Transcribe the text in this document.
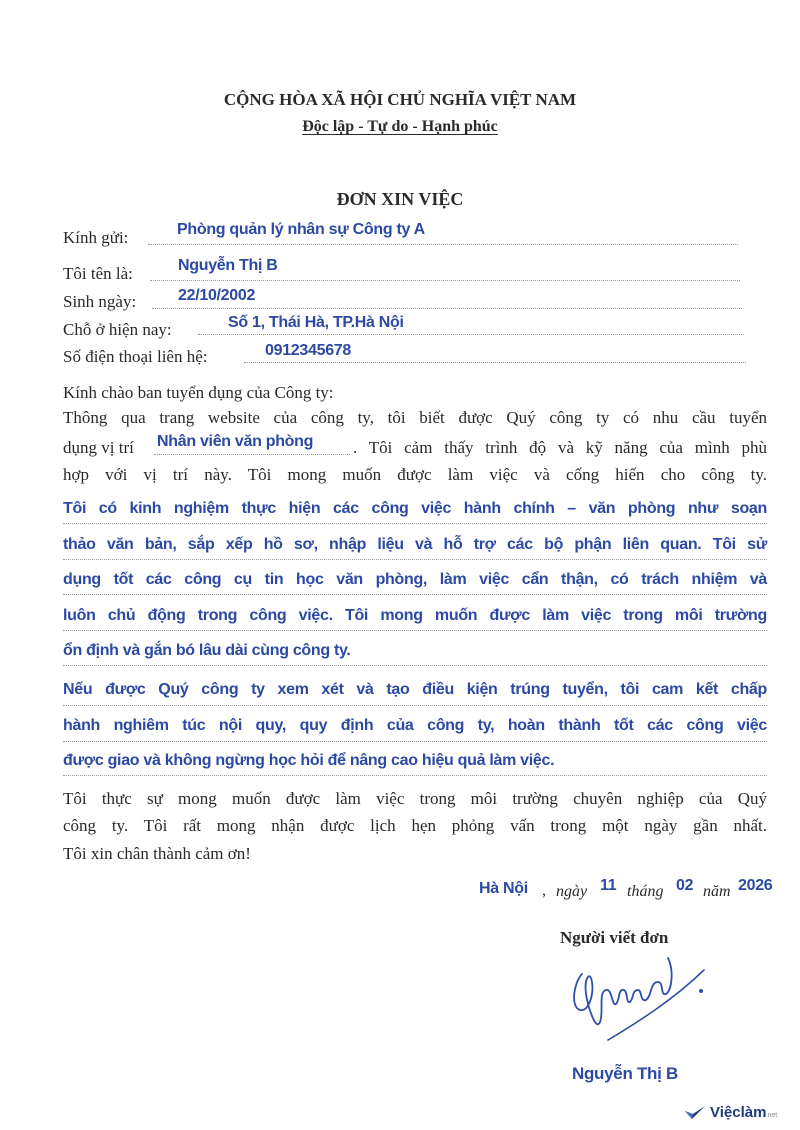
CỘNG HÒA XÃ HỘI CHỦ NGHĨA VIỆT NAM
Độc lập - Tự do - Hạnh phúc
ĐƠN XIN VIỆC
Kính gửi:	Phòng quản lý nhân sự Công ty A
Tôi tên là:	Nguyễn Thị B
Sinh ngày:	22/10/2002
Chỗ ở hiện nay:	Số 1, Thái Hà, TP.Hà Nội
Số điện thoại liên hệ:	0912345678
Kính chào ban tuyển dụng của Công ty:
Thông qua trang website của công ty, tôi biết được Quý công ty có nhu cầu tuyển
dụng vị trí Nhân viên văn phòng . Tôi cảm thấy trình độ và kỹ năng của mình phù
hợp với vị trí này. Tôi mong muốn được làm việc và cống hiến cho công ty.
Tôi có kinh nghiệm thực hiện các công việc hành chính – văn phòng như soạn
thảo văn bản, sắp xếp hồ sơ, nhập liệu và hỗ trợ các bộ phận liên quan. Tôi sử
dụng tốt các công cụ tin học văn phòng, làm việc cẩn thận, có trách nhiệm và
luôn chủ động trong công việc. Tôi mong muốn được làm việc trong môi trường
ổn định và gắn bó lâu dài cùng công ty.
Nếu được Quý công ty xem xét và tạo điều kiện trúng tuyển, tôi cam kết chấp
hành nghiêm túc nội quy, quy định của công ty, hoàn thành tốt các công việc
được giao và không ngừng học hỏi để nâng cao hiệu quả làm việc.
Tôi thực sự mong muốn được làm việc trong môi trường chuyên nghiệp của Quý
công ty. Tôi rất mong nhận được lịch hẹn phỏng vấn trong một ngày gần nhất.
Tôi xin chân thành cảm ơn!
Hà Nội , ngày 11 tháng 02 năm 2026
Người viết đơn
Nguyễn Thị B
Việclàm net
